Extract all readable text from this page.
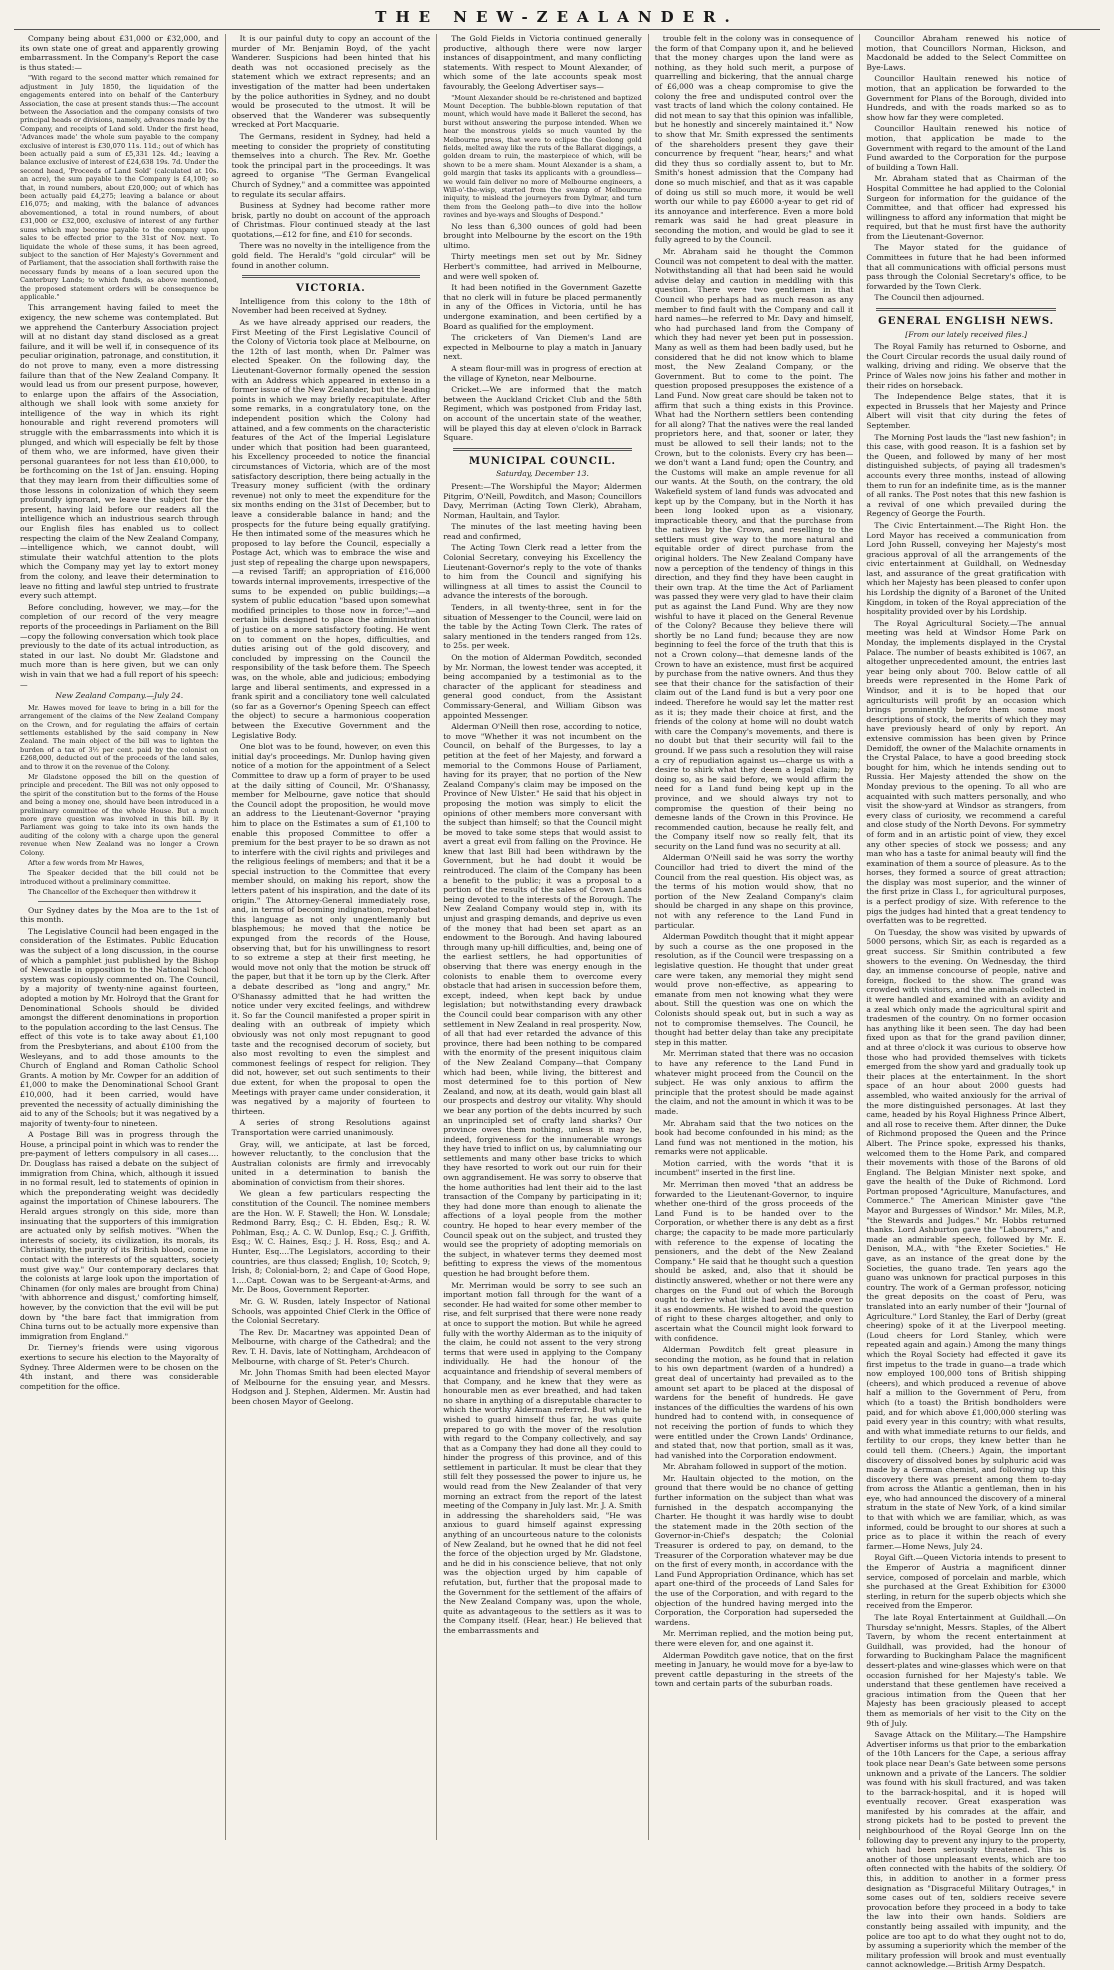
THE NEW-ZEALANDER.

Company being about £31,000 or £32,000, and its own state one of great and apparently growing embarrassment. In the Company's Report the case is thus stated:—

"With regard to the second matter which remained for adjustment in July 1850, the liquidation of the engagements entered into on behalf of the Canterbury Association, the case at present stands thus:—The account between the Association and the company consists of two principal heads or divisions, namely, advances made by the Company, and receipts of Land sold. Under the first head, 'Advances made' the whole sum payable to the company exclusive of interest is £30,070 11s. 11d.; out of which has been actually paid a sum of £5,331 12s. 4d.; leaving a balance exclusive of interest of £24,638 19s. 7d. Under the second head, 'Proceeds of Land Sold' (calculated at 10s. an acre), the sum payable to the Company is £4,100; so that, in round numbers, about £20,000; out of which has been actually paid £4,275; leaving a balance or about £16,075; and making, with the balance of advances abovementioned, a total in round numbers, of about £31,000 or £32,000, exclusive of interest of any further sums which may become payable to the company upon sales to be effected prior to the 31st of Nov. next. To liquidate the whole of these sums, it has been agreed, subject to the sanction of Her Majesty's Government and of Parliament, that the association shall forthwith raise the necessary funds by means of a loan secured upon the Canterbury Lands; to which funds, as above mentioned, the proposed statement orders will be consequence be applicable."

This arrangement having failed to meet the exigency, the new scheme was contemplated. But we apprehend the Canterbury Association project will at no distant day stand disclosed as a great failure, and it will be well if, in consequence of its peculiar origination, patronage, and constitution, it do not prove to many, even a more distressing failure than that of the New Zealand Company. It would lead us from our present purpose, however, to enlarge upon the affairs of the Association, although we shall look with some anxiety for intelligence of the way in which its right honourable and right reverend promoters will struggle with the embarrassments into which it is plunged, and which will especially be felt by those of them who, we are informed, have given their personal guarantees for not less than £10,000, to be forthcoming on the 1st of Jan. ensuing. Hoping that they may learn from their difficulties some of those lessons in colonization of which they seem profoundly ignorant, we leave the subject for the present, having laid before our readers all the intelligence which an industrious search through our English files has enabled us to collect respecting the claim of the New Zealand Company,—intelligence which, we cannot doubt, will stimulate their watchful attention to the plots which the Company may yet lay to extort money from the colony, and leave their determination to leave no fitting and lawful step untried to frustrate every such attempt.

Before concluding, however, we may,—for the completion of our record of the very meagre reports of the proceedings in Parliament on the Bill—copy the following conversation which took place previously to the date of its actual introduction, as stated in our last. No doubt Mr. Gladstone and much more than is here given, but we can only wish in vain that we had a full report of his speech:—

New Zealand Company.—July 24.

Mr. Hawes moved for leave to bring in a bill for the arrangement of the claims of the New Zealand Company on the Crown, and for regulating the affairs of certain settlements established by the said company in New Zealand. The main object of the bill was to lighten the burden of a tax of 3½ per cent. paid by the colonist on £268,000, deducted out of the proceeds of the land sales, and to throw it on the revenue of the Colony.

Mr Gladstone opposed the bill on the question of principle and precedent. The Bill was not only opposed to the spirit of the constitution but to the forms of the House and being a money one, should have been introduced in a preliminary committee of the whole House. But a much more grave question was involved in this bill. By it Parliament was going to take into its own hands the auditing of the colony with a charge upon the general revenue when New Zealand was no longer a Crown Colony.

After a few words from Mr Hawes,

The Speaker decided that the bill could not be introduced without a preliminary committee.

The Chancellor of the Exchequer then withdrew it

Our Sydney dates by the Moa are to the 1st of this month.

The Legislative Council had been engaged in the consideration of the Estimates. Public Education was the subject of a long discussion, in the course of which a pamphlet just published by the Bishop of Newcastle in opposition to the National School system was copiously commented on. The Council, by a majority of twenty-nine against fourteen, adopted a motion by Mr. Holroyd that the Grant for Denominational Schools should be divided amongst the different denominations in proportion to the population according to the last Census. The effect of this vote is to take away about £1,100 from the Presbyterians, and about £100 from the Wesleyans, and to add those amounts to the Church of England and Roman Catholic School Grants. A motion by Mr. Cowper for an addition of £1,000 to make the Denominational School Grant £10,000, had it been carried, would have prevented the necessity of actually diminishing the aid to any of the Schools; but it was negatived by a majority of twenty-four to nineteen.

A Postage Bill was in progress through the House, a principal point in which was to render the pre-payment of letters compulsory in all cases.…Dr. Douglass has raised a debate on the subject of immigration from China, which, although it issued in no formal result, led to statements of opinion in which the preponderating weight was decidedly against the importation of Chinese labourers. The Herald argues strongly on this side, more than insinuating that the supporters of this immigration are actuated only by selfish motives. "When the interests of society, its civilization, its morals, its Christianity, the purity of its British blood, come in contact with the interests of the squatters, society must give way." Our contemporary declares that the colonists at large look upon the importation of Chinamen (for only males are brought from China) 'with abhorrence and disgust,' comforting himself, however, by the conviction that the evil will be put down by "the bare fact that immigration from China turns out to be actually more expensive than immigration from England."

Dr. Tierney's friends were using vigorous exertions to secure his election to the Mayoralty of Sydney. Three Aldermen were to be chosen on the 4th instant, and there was considerable competition for the office.

It is our painful duty to copy an account of the murder of Mr. Benjamin Boyd, of the yacht Wanderer. Suspicions had been hinted that his death was not occasioned precisely as the statement which we extract represents; and an investigation of the matter had been undertaken by the police authorities in Sydney, and no doubt would be prosecuted to the utmost. It will be observed that the Wanderer was subsequently wrecked at Port Macquarie.

The Germans, resident in Sydney, had held a meeting to consider the propriety of constituting themselves into a church. The Rev. Mr. Goethe took the principal part in the proceedings. It was agreed to organise "The German Evangelical Church of Sydney," and a committee was appointed to regulate its secular affairs.

Business at Sydney had become rather more brisk, partly no doubt on account of the approach of Christmas. Flour continued steady at the last quotations,—£12 for fine, and £10 for seconds.

There was no novelty in the intelligence from the gold field. The Herald's "gold circular" will be found in another column.

VICTORIA.

Intelligence from this colony to the 18th of November had been received at Sydney.

As we have already apprised our readers, the First Meeting of the First Legislative Council of the Colony of Victoria took place at Melbourne, on the 12th of last month, when Dr. Palmer was elected Speaker. On the following day, the Lieutenant-Governor formally opened the session with an Address which appeared in extenso in a former issue of the New Zealander, but the leading points in which we may briefly recapitulate. After some remarks, in a congratulatory tone, on the independent position which the Colony had attained, and a few comments on the characteristic features of the Act of the Imperial Legislature under which that position had been guaranteed, his Excellency proceeded to notice the financial circumstances of Victoria, which are of the most satisfactory description, there being actually in the Treasury money sufficient (with the ordinary revenue) not only to meet the expenditure for the six months ending on the 31st of December, but to leave a considerable balance in hand; and the prospects for the future being equally gratifying. He then intimated some of the measures which he proposed to lay before the Council, especially a Postage Act, which was to embrace the wise and just step of repealing the charge upon newspapers,—a revised Tariff; an appropriation of £16,000 towards internal improvements, irrespective of the sums to be expended on public buildings;—a system of public education "based upon somewhat modified principles to those now in force;"—and certain bills designed to place the administration of justice on a more satisfactory footing. He went on to comment on the hopes, difficulties, and duties arising out of the gold discovery, and concluded by impressing on the Council the responsibility of the task before them. The Speech was, on the whole, able and judicious; embodying large and liberal sentiments, and expressed in a frank spirit and a conciliatory tone well calculated (so far as a Governor's Opening Speech can effect the object) to secure a harmonious cooperation between the Executive Government and the Legislative Body.

One blot was to be found, however, on even this initial day's proceedings. Mr. Dunlop having given notice of a motion for the appointment of a Select Committee to draw up a form of prayer to be used at the daily sitting of Council, Mr. O'Shanassy, member for Melbourne, gave notice that should the Council adopt the proposition, he would move an address to the Lieutenant-Governor "praying him to place on the Estimates a sum of £1,100 to enable this proposed Committee to offer a premium for the best prayer to be so drawn as not to interfere with the civil rights and privileges and the religious feelings of members; and that it be a special instruction to the Committee that every member should, on making his report, show the letters patent of his inspiration, and the date of its origin." The Attorney-General immediately rose, and, in terms of becoming indignation, reprobated this language as not only ungentlemanly but blasphemous; he moved that the notice be expunged from the records of the House, observing that, but for his unwillingness to resort to so extreme a step at their first meeting, he would move not only that the motion be struck off the paper, but that it be torn up by the Clerk. After a debate described as "long and angry," Mr. O'Shanassy admitted that he had written the notice under very excited feelings, and withdrew it. So far the Council manifested a proper spirit in dealing with an outbreak of impiety which obviously was not only most repugnant to good taste and the recognised decorum of society, but also most revolting to even the simplest and commonest feelings of respect for religion. They did not, however, set out such sentiments to their due extent, for when the proposal to open the Meetings with prayer came under consideration, it was negatived by a majority of fourteen to thirteen.

A series of strong Resolutions against Transportation were carried unanimously.

Gray, will, we anticipate, at last be forced, however reluctantly, to the conclusion that the Australian colonists are firmly and irrevocably united in a determination to banish the abomination of convictism from their shores.

We glean a few particulars respecting the constitution of the Council. The nominee members are the Hon. W. F. Stawell; the Hon. W. Lonsdale; Redmond Barry, Esq.; C. H. Ebden, Esq.; R. W. Pohlman, Esq.; A. C. W. Dunlop, Esq.; C. J. Griffith, Esq.; W. C. Haines, Esq.; J. H. Ross, Esq.; and A. Hunter, Esq.…The Legislators, according to their countries, are thus classed; English, 10; Scotch, 9; Irish, 8; Colonial-born, 2; and Cape of Good Hope, 1.…Capt. Cowan was to be Sergeant-at-Arms, and Mr. De Boos, Government Reporter.

Mr. G. W. Rusden, lately Inspector of National Schools, was appointed Chief Clerk in the Office of the Colonial Secretary.

The Rev. Dr. Macartney was appointed Dean of Melbourne, with charge of the Cathedral; and the Rev. T. H. Davis, late of Nottingham, Archdeacon of Melbourne, with charge of St. Peter's Church.

Mr. John Thomas Smith had been elected Mayor of Melbourne for the ensuing year, and Messrs. Hodgson and J. Stephen, Aldermen. Mr. Austin had been chosen Mayor of Geelong.

The Gold Fields in Victoria continued generally productive, although there were now larger instances of disappointment, and many conflicting statements. With respect to Mount Alexander, of which some of the late accounts speak most favourably, the Geelong Advertiser says—

"Mount Alexander should be re-christened and baptized Mount Deception. The bubble-blown reputation of that mount, which would have made it Balleret the second, has burst without answering the purpose intended. When we hear the monstrous yields so much vaunted by the Melbourne press, that were to eclipse the Geelong gold fields, melted away like the ruts of the Ballarat diggings, a golden dream to ruin, the masterpiece of which, will be shown to be a mere sham. Mount Alexander is a sham, a gold margin that tasks its applicants with a groundless—we would fain deliver no more of Melbourne engineers, a Will-o'-the-wisp, started from the swamp of Melbourne iniquity, to mislead the journeyers from Dylmar, and turn them from the Geelong path—to dive into the hollow ravines and bye-ways and Sloughs of Despond."

No less than 6,300 ounces of gold had been brought into Melbourne by the escort on the 19th ultimo.

Thirty meetings men set out by Mr. Sidney Herbert's committee, had arrived in Melbourne, and were well spoken of.

It had been notified in the Government Gazette that no clerk will in future be placed permanently in any of the Offices in Victoria, until he has undergone examination, and been certified by a Board as qualified for the employment.

The cricketers of Van Diemen's Land are expected in Melbourne to play a match in January next.

A steam flour-mill was in progress of erection at the village of Kyneton, near Melbourne.

Cricket.—We are informed that the match between the Auckland Cricket Club and the 58th Regiment, which was postponed from Friday last, on account of the uncertain state of the weather, will be played this day at eleven o'clock in Barrack Square.

MUNICIPAL COUNCIL.
Saturday, December 13.

Present:—The Worshipful the Mayor; Aldermen Pitgrim, O'Neill, Powditch, and Mason; Councillors Davy, Merriman (Acting Town Clerk), Abraham, Norman, Haultain, and Taylor.

The minutes of the last meeting having been read and confirmed,

The Acting Town Clerk read a letter from the Colonial Secretary, conveying his Excellency the Lieutenant-Governor's reply to the vote of thanks to him from the Council and signifying his willingness at all times to assist the Council to advance the interests of the borough.

Tenders, in all twenty-three, sent in for the situation of Messenger to the Council, were laid on the table by the Acting Town Clerk. The rates of salary mentioned in the tenders ranged from 12s. to 25s. per week.

On the motion of Alderman Powditch, seconded by Mr. Norman, the lowest tender was accepted, it being accompanied by a testimonial as to the character of the applicant for steadiness and general good conduct, from the Assistant Commissary-General, and William Gibson was appointed Messenger.

Alderman O'Neill then rose, according to notice, to move "Whether it was not incumbent on the Council, on behalf of the Burgesses, to lay a petition at the feet of her Majesty, and forward a memorial to the Commons House of Parliament, having for its prayer, that no portion of the New Zealand Company's claim may be imposed on the Province of New Ulster." He said that his object in proposing the motion was simply to elicit the opinions of other members more conversant with the subject than himself; so that the Council might be moved to take some steps that would assist to avert a great evil from falling on the Province. He knew that last Bill had been withdrawn by the Government, but he had doubt it would be reintroduced. The claim of the Company has been a benefit to the public; it was a proposal to a portion of the results of the sales of Crown Lands being devoted to the interests of the Borough. The New Zealand Company would step in, with its unjust and grasping demands, and deprive us even of the money that had been set apart as an endowment to the Borough. And having laboured through many up-hill difficulties, and, being one of the earliest settlers, he had opportunities of observing that there was energy enough in the colonists to enable them to overcome every obstacle that had arisen in succession before them, except, indeed, when kept back by undue legislation; but notwithstanding every drawback the Council could bear comparison with any other settlement in New Zealand in real prosperity. Now, of all that had ever retarded the advance of this province, there had been nothing to be compared with the enormity of the present iniquitous claim of the New Zealand Company—that Company which had been, while living, the bitterest and most determined foe to this portion of New Zealand, and now, at its death, would gain blast all our prospects and destroy our vitality. Why should we bear any portion of the debts incurred by such an unprincipled set of crafty land sharks? Our province owes them nothing, unless it may be, indeed, forgiveness for the innumerable wrongs they have tried to inflict on us, by calumniating our settlements and many other base tricks to which they have resorted to work out our ruin for their own aggrandisement. He was sorry to observe that the home authorities had lent their aid to the last transaction of the Company by participating in it; they had done more than enough to alienate the affections of a loyal people from the mother country. He hoped to hear every member of the Council speak out on the subject, and trusted they would see the propriety of adopting memorials on the subject, in whatever terms they deemed most befitting to express the views of the momentous question he had brought before them.

Mr. Merriman would be sorry to see such an important motion fall through for the want of a seconder. He had waited for some other member to rise, and felt surprised that there were none ready at once to support the motion. But while he agreed fully with the worthy Alderman as to the iniquity of the claim, he could not assent to the very strong terms that were used in applying to the Company individually. He had the honour of the acquaintance and friendship of several members of that Company, and he knew that they were as honourable men as ever breathed, and had taken no share in anything of a disreputable character to which the worthy Alderman referred. But while he wished to guard himself thus far, he was quite prepared to go with the mover of the resolution with regard to the Company collectively, and say that as a Company they had done all they could to hinder the progress of this province, and of this settlement in particular. It must be clear that they still felt they possessed the power to injure us, he would read from the New Zealander of that very morning an extract from the report of the latest meeting of the Company in July last. Mr. J. A. Smith in addressing the shareholders said, "He was anxious to guard himself against expressing anything of an uncourteous nature to the colonists of New Zealand, but he owned that he did not feel the force of the objection urged by Mr. Gladstone, and he did in his conscience believe, that not only was the objection urged by him capable of refutation, but, further that the proposal made to the Government for the settlement of the affairs of the New Zealand Company was, upon the whole, quite as advantageous to the settlers as it was to the Company itself. (Hear, hear.) He believed that the embarrassments and

trouble felt in the colony was in consequence of the form of that Company upon it, and he believed that the money charges upon the land were as nothing, as they hold such merit, a purpose of quarrelling and bickering, that the annual charge of £6,000 was a cheap compromise to give the colony the free and undisputed control over the vast tracts of land which the colony contained. He did not mean to say that this opinion was infallible, but he honestly and sincerely maintained it." Now to show that Mr. Smith expressed the sentiments of the shareholders present they gave their concurrence by frequent "hear, hears;" and what did they thus so cordially assent to, but to Mr. Smith's honest admission that the Company had done so much mischief, and that as it was capable of doing us still so much more, it would be well worth our while to pay £6000 a-year to get rid of its annoyance and interference. Even a more bold remark was said he had great pleasure in seconding the motion, and would be glad to see it fully agreed to by the Council.

Mr. Abraham said he thought the Common Council was not competent to deal with the matter. Notwithstanding all that had been said he would advise delay and caution in meddling with this question. There were two gentlemen in that Council who perhaps had as much reason as any member to find fault with the Company and call it hard names—he referred to Mr. Davy and himself, who had purchased land from the Company of which they had never yet been put in possession. Many as well as them had been badly used, but he considered that he did not know which to blame most, the New Zealand Company, or the Government. But to come to the point. The question proposed presupposes the existence of a Land Fund. Now great care should be taken not to affirm that such a thing exists in this Province. What had the Northern settlers been contending for all along? That the natives were the real landed proprietors here, and that, sooner or later, they must be allowed to sell their lands; not to the Crown, but to the colonists. Every cry has been—we don't want a Land fund; open the Country, and the Customs will make an ample revenue for all our wants. At the South, on the contrary, the old Wakefield system of land funds was advocated and kept up by the Company, but in the North it has been long looked upon as a visionary, impracticable theory, and that the purchase from the natives by the Crown, and reselling to the settlers must give way to the more natural and equitable order of direct purchase from the original holders. The New Zealand Company have now a perception of the tendency of things in this direction, and they find they have been caught in their own trap. At the time the Act of Parliament was passed they were very glad to have their claim put as against the Land Fund. Why are they now wishful to have it placed on the General Revenue of the Colony? Because they believe there will shortly be no Land fund; because they are now beginning to feel the force of the truth that this is not a Crown colony—that demesne lands of the Crown to have an existence, must first be acquired by purchase from the native owners. And thus they see that their chance for the satisfaction of their claim out of the Land fund is but a very poor one indeed. Therefore he would say let the matter rest as it is; they made their choice at first, and the friends of the colony at home will no doubt watch with care the Company's movements, and there is no doubt but that their security will fail to the ground. If we pass such a resolution they will raise a cry of repudiation against us—charge us with a desire to shirk what they deem a legal claim; by doing so, as he said before, we would affirm the need for a Land fund being kept up in the province, and we should always try not to compromise the question of their being no demesne lands of the Crown in this Province. He recommended caution, because he really felt, and the Company itself now so really felt, that its security on the Land fund was no security at all.

Alderman O'Neill said he was sorry the worthy Councillor had tried to divert the mind of the Council from the real question. His object was, as the terms of his motion would show, that no portion of the New Zealand Company's claim should be charged in any shape on this province, not with any reference to the Land Fund in particular.

Alderman Powditch thought that it might appear by such a course as the one proposed in the resolution, as if the Council were trespassing on a legislative question. He thought that under great care were taken, any memorial they might send would prove non-effective, as appearing to emanate from men not knowing what they were about. Still the question was one on which the Colonists should speak out, but in such a way as not to compromise themselves. The Council, he thought had better delay than take any precipitate step in this matter.

Mr. Merriman stated that there was no occasion to have any reference to the Land Fund in whatever might proceed from the Council on the subject. He was only anxious to affirm the principle that the protest should be made against the claim, and not the amount in which it was to be made.

Mr. Abraham said that the two notices on the book had become confounded in his mind; as the Land fund was not mentioned in the motion, his remarks were not applicable.

Motion carried, with the words "that it is incumbent" inserted in the first line.

Mr. Merriman then moved "that an address be forwarded to the Lieutenant-Governor, to inquire whether one-third of the gross proceeds of the Land Fund is to be handed over to the Corporation, or whether there is any debt as a first charge; the capacity to be made more particularly with reference to the expense of locating the pensioners, and the debt of the New Zealand Company." He said that he thought such a question should be asked, and, also that it should be distinctly answered, whether or not there were any charges on the Fund out of which the Borough ought to derive what little had been made over to it as endowments. He wished to avoid the question of right to these charges altogether, and only to ascertain what the Council might look forward to with confidence.

Alderman Powditch felt great pleasure in seconding the motion, as he found that in relation to his own department (warden of a hundred) a great deal of uncertainty had prevailed as to the amount set apart to be placed at the disposal of wardens for the benefit of hundreds. He gave instances of the difficulties the wardens of his own hundred had to contend with, in consequence of not receiving the portion of funds to which they were entitled under the Crown Lands' Ordinance, and stated that, now that portion, small as it was, had vanished into the Corporation endowment.

Mr. Abraham followed in support of the motion.

Mr. Haultain objected to the motion, on the ground that there would be no chance of getting further information on the subject than what was furnished in the despatch accompanying the Charter. He thought it was hardly wise to doubt the statement made in the 20th section of the Governor-in-Chief's despatch; the Colonial Treasurer is ordered to pay, on demand, to the Treasurer of the Corporation whatever may be due on the first of every month, in accordance with the Land Fund Appropriation Ordinance, which has set apart one-third of the proceeds of Land Sales for the use of the Corporation, and with regard to the objection of the hundred having merged into the Corporation, the Corporation had superseded the wardens.

Mr. Merriman replied, and the motion being put, there were eleven for, and one against it.

Alderman Powditch gave notice, that on the first meeting in January, he would move for a bye-law to prevent cattle depasturing in the streets of the town and certain parts of the suburban roads.

Councillor Abraham renewed his notice of motion, that Councillors Norman, Hickson, and Macdonald be added to the Select Committee on Bye-Laws.

Councillor Haultain renewed his notice of motion, that an application be forwarded to the Government for Plans of the Borough, divided into Hundreds, and with the roads marked so as to show how far they were completed.

Councillor Haultain renewed his notice of motion, that application be made to the Government with regard to the amount of the Land Fund awarded to the Corporation for the purpose of building a Town Hall.

Mr. Abraham stated that as Chairman of the Hospital Committee he had applied to the Colonial Surgeon for information for the guidance of the Committee, and that officer had expressed his willingness to afford any information that might be required, but that he must first have the authority from the Lieutenant-Governor.

The Mayor stated for the guidance of Committees in future that he had been informed that all communications with official persons must pass through the Colonial Secretary's office, to be forwarded by the Town Clerk.

The Council then adjourned.

GENERAL ENGLISH NEWS.
[From our lately received files.]

The Royal Family has returned to Osborne, and the Court Circular records the usual daily round of walking, driving and riding. We observe that the Prince of Wales now joins his father and mother in their rides on horseback.

The Independence Belge states, that it is expected in Brussels that her Majesty and Prince Albert will visit that city during the fetes of September.

The Morning Post lauds the "last new fashion"; in this case, with good reason. It is a fashion set by the Queen, and followed by many of her most distinguished subjects, of paying all tradesmen's accounts every three months, instead of allowing them to run for an indefinite time, as is the manner of all ranks. The Post notes that this new fashion is a revival of one which prevailed during the Regency of George the Fourth.

The Civic Entertainment.—The Right Hon. the Lord Mayor has received a communication from Lord John Russell, conveying her Majesty's most gracious approval of all the arrangements of the civic entertainment at Guildhall, on Wednesday last, and assurance of the great gratification with which her Majesty has been pleased to confer upon his Lordship the dignity of a Baronet of the United Kingdom, in token of the Royal appreciation of the hospitality provided over by his Lordship.

The Royal Agricultural Society.—The annual meeting was held at Windsor Home Park on Monday, the implements displayed in the Crystal Palace. The number of beasts exhibited is 1067, an altogether unprecedented amount, the entries last year being only about 700. Below cattle of all breeds were represented in the Home Park of Windsor, and it is to be hoped that our agriculturists will profit by an occasion which brings prominently before them some most descriptions of stock, the merits of which they may have previously heard of only by report. An extensive commission has been given by Prince Demidoff, the owner of the Malachite ornaments in the Crystal Palace, to have a good breeding stock bought for him, which he intends sending out to Russia. Her Majesty attended the show on the Monday previous to the opening. To all who are acquainted with such matters personally, and who visit the show-yard at Windsor as strangers, from every class of curiosity, we recommend a careful and close study of the North Devons. For symmetry of form and in an artistic point of view, they excel any other species of stock we possess; and any man who has a taste for animal beauty will find the examination of them a source of pleasure. As to the horses, they formed a source of great attraction; the display was most superior, and the winner of the first prize in Class I., for agricultural purposes, is a perfect prodigy of size. With reference to the pigs the judges had hinted that a great tendency to overfatten was to be regretted.

On Tuesday, the show was visited by upwards of 5000 persons, which Sir, as each is regarded as a great success. Sir Smithin contributed a few showers to the evening. On Wednesday, the third day, an immense concourse of people, native and foreign, flocked to the show. The grand was crowded with visitors, and the animals collected in it were handled and examined with an avidity and a zeal which only made the agricultural spirit and tradesmen of the country. On no former occasion has anything like it been seen. The day had been fixed upon as that for the grand pavilion dinner, and at three o'clock it was curious to observe how those who had provided themselves with tickets emerged from the show yard and gradually took up their places at the entertainment. In the short space of an hour about 2000 guests had assembled, who waited anxiously for the arrival of the more distinguished personages. At last they came, headed by his Royal Highness Prince Albert, and all rose to receive them. After dinner, the Duke of Richmond proposed the Queen and the Prince Albert. The Prince spoke, expressed his thanks, welcomed them to the Home Park, and compared their movements with those of the Barons of old England. The Belgian Minister next spoke, and gave the health of the Duke of Richmond. Lord Portman proposed "Agriculture, Manufactures, and Commerce." The American Minister gave "the Mayor and Burgesses of Windsor." Mr. Miles, M.P., "the Stewards and Judges." Mr. Hobbs returned thanks. Lord Ashburton gave the "Labourers," and made an admirable speech, followed by Mr. E. Denison, M.A., with "the Exeter Societies." He gave, as an instance of the great done by the Societies, the guano trade. Ten years ago the guano was unknown for practical purposes in this country. The work of a German professor, noticing the great deposits on the coast of Peru, was translated into an early number of their "Journal of Agriculture." Lord Stanley, the Earl of Derby (great cheering) spoke of it at the Liverpool meeting. (Loud cheers for Lord Stanley, which were repeated again and again.) Among the many things which the Royal Society had effected it gave its first impetus to the trade in guano—a trade which now employed 100,000 tons of British shipping (cheers), and which produced a revenue of above half a million to the Government of Peru, from which (to a toast) the British bondholders were paid, and for which above £1,000,000 sterling was paid every year in this country; with what results, and with what immediate returns to our fields, and fertility to our crops, they knew better than he could tell them. (Cheers.) Again, the important discovery of dissolved bones by sulphuric acid was made by a German chemist, and following up this discovery there was present among them to-day from across the Atlantic a gentleman, then in his eye, who had announced the discovery of a mineral stratum in the state of New York, of a kind similar to that with which we are familiar, which, as was informed, could be brought to our shores at such a price as to place it within the reach of every farmer.—Home News, July 24.

Royal Gift.—Queen Victoria intends to present to the Emperor of Austria a magnificent dinner service, composed of porcelain and marble, which she purchased at the Great Exhibition for £3000 sterling, in return for the superb objects which she received from the Emperor.

The late Royal Entertainment at Guildhall.—On Thursday se'nnight, Messrs. Staples, of the Albert Tavern, by whom the recent entertainment at Guildhall, was provided, had the honour of forwarding to Buckingham Palace the magnificent dessert-plates and wine-glasses which were on that occasion furnished for her Majesty's table. We understand that these gentlemen have received a gracious intimation from the Queen that her Majesty has been graciously pleased to accept them as memorials of her visit to the City on the 9th of July.

Savage Attack on the Military.—The Hampshire Advertiser informs us that prior to the embarkation of the 10th Lancers for the Cape, a serious affray took place near Dean's Gate between some persons unknown and a private of the Lancers. The soldier was found with his skull fractured, and was taken to the barrack-hospital, and it is hoped will eventually recover. Great exasperation was manifested by his comrades at the affair, and strong pickets had to be posted to prevent the neighbourhood of the Royal George Inn on the following day to prevent any injury to the property, which had been seriously threatened. This is another of those unpleasant events, which are too often connected with the habits of the soldiery. Of this, in addition to another in a former press designation as "Disgraceful Military Outrages," in some cases out of ten, soldiers receive severe provocation before they proceed in a body to take the law into their own hands. Soldiers are constantly being assailed with impunity, and the police are too apt to do what they ought not to do, by assuming a superiority which the member of the military profession will brook and must eventually cannot acknowledge.—British Army Despatch.
